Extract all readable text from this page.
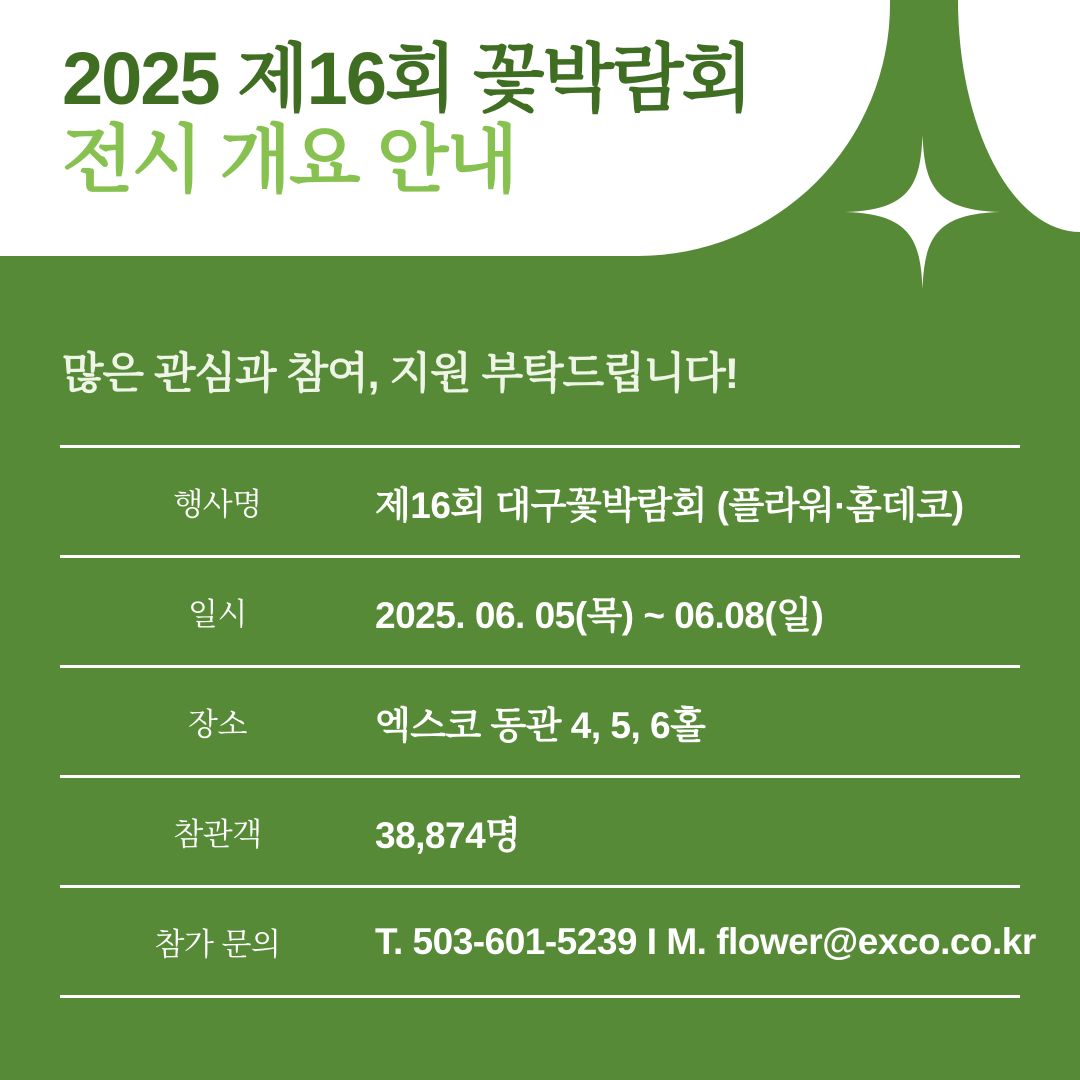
2025 제16회 꽃박람회
전시 개요 안내
많은 관심과 참여, 지원 부탁드립니다!
행사명	제16회 대구꽃박람회 (플라워·홈데코)
일시	2025. 06. 05(목) ~ 06.08(일)
장소	엑스코 동관 4, 5, 6홀
참관객	38,874명
참가 문의	T. 503-601-5239 I M. flower@exco.co.kr
